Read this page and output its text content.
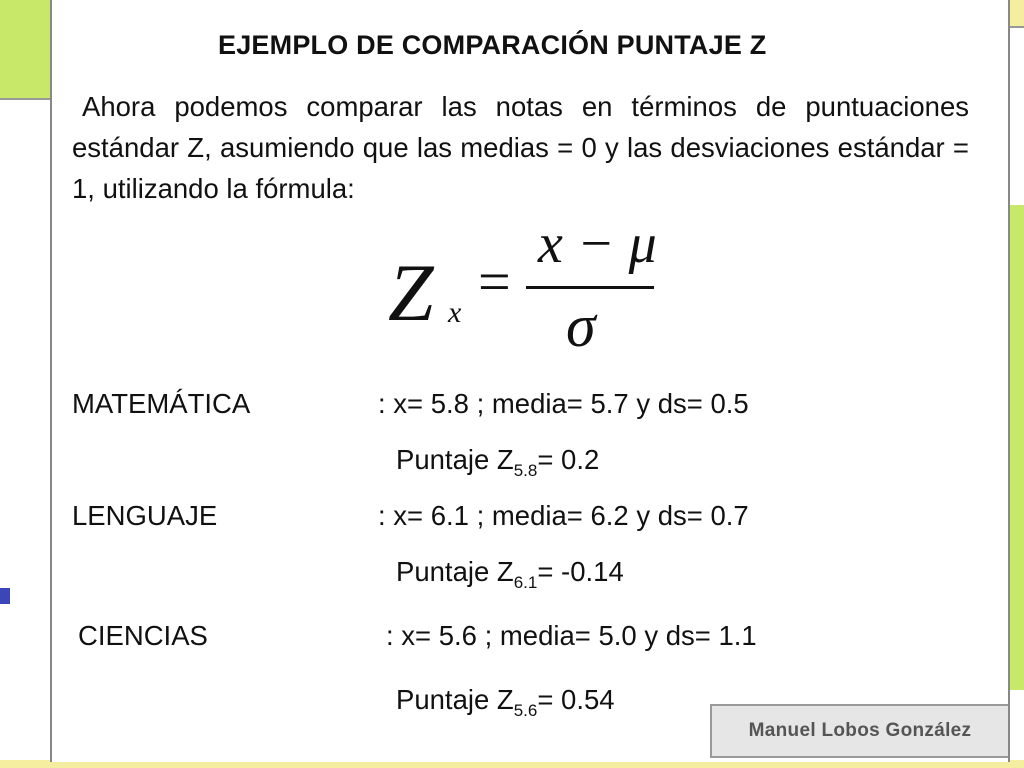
EJEMPLO DE COMPARACIÓN PUNTAJE Z
Ahora podemos comparar las notas en términos de puntuaciones estándar Z, asumiendo que las medias = 0 y las desviaciones estándar = 1, utilizando la fórmula:
Z x =
x − μ
σ
MATEMÁTICA	: x= 5.8 ; media= 5.7 y ds= 0.5
Puntaje $Z_{5.8}= 0.2$
LENGUAJE	: x= 6.1 ; media= 6.2 y ds= 0.7
Puntaje $Z_{6.1}= -0.14$
CIENCIAS	: x= 5.6 ; media= 5.0 y ds= 1.1
Puntaje $Z_{5.6}= 0.54$
Manuel Lobos González
